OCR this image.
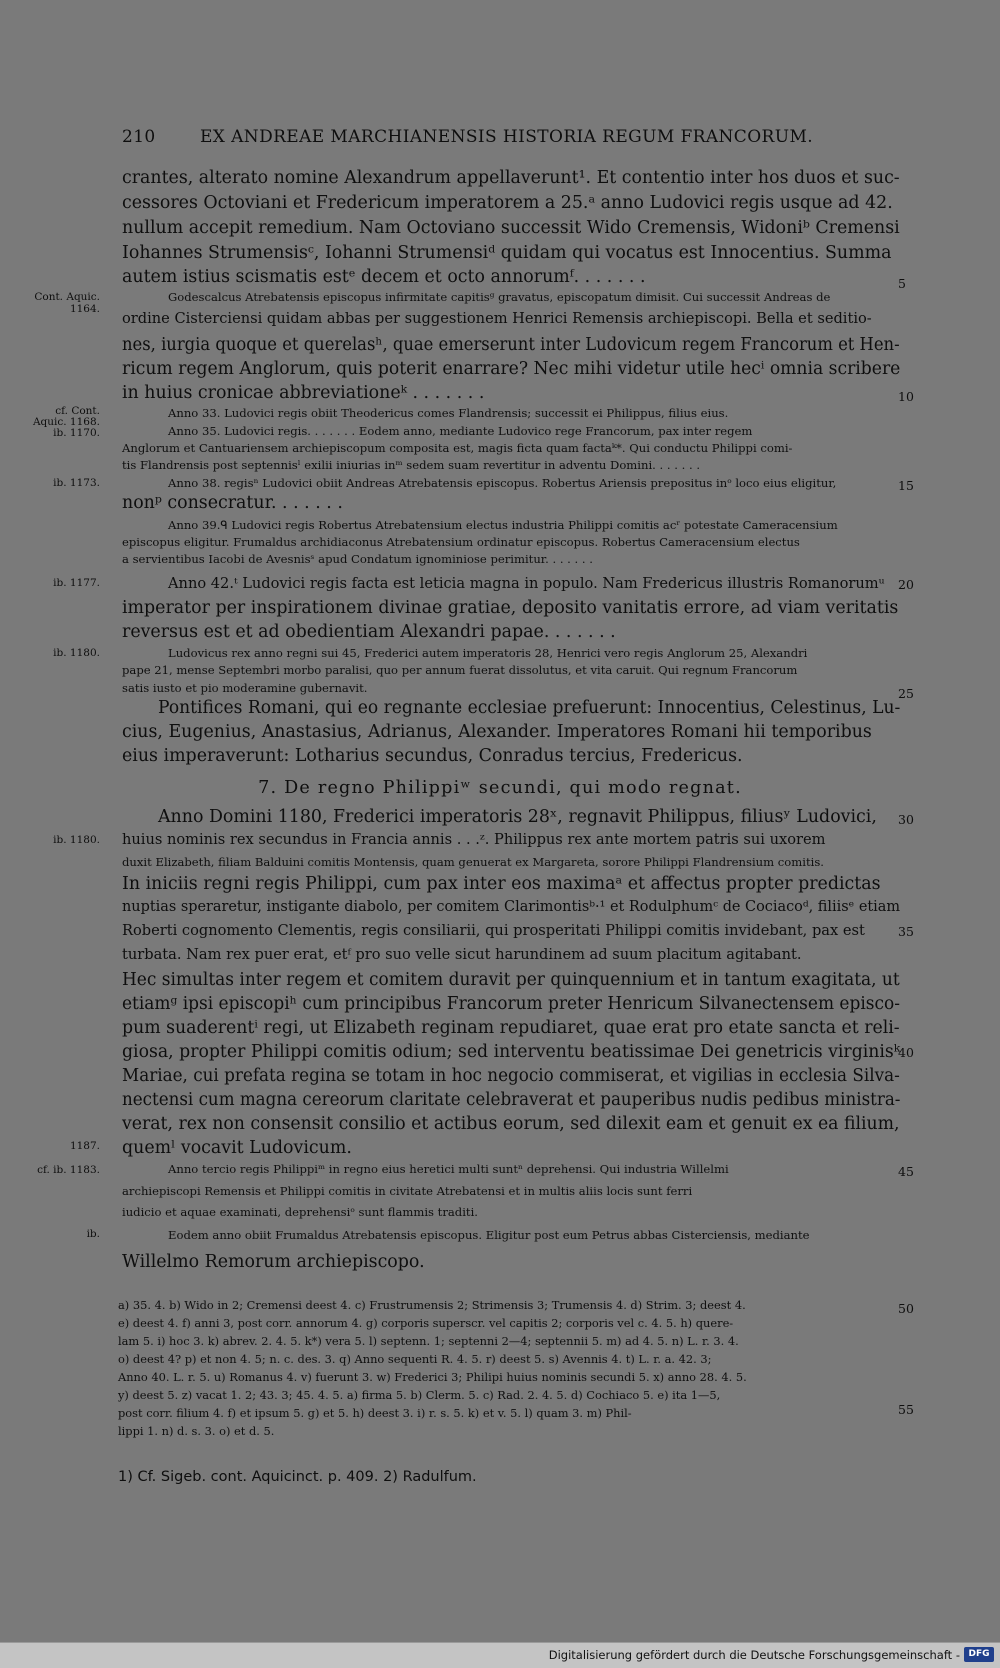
210	EX ANDREAE MARCHIANENSIS HISTORIA REGUM FRANCORUM.
crantes, alterato nomine Alexandrum appellaverunt¹. Et contentio inter hos duos et suc-
cessores Octoviani et Fredericum imperatorem a 25.ᵃ anno Ludovici regis usque ad 42.
nullum accepit remedium. Nam Octoviano successit Wido Cremensis, Widoniᵇ Cremensi
Iohannes Strumensisᶜ, Iohanni Strumensiᵈ quidam qui vocatus est Innocentius. Summa
autem istius scismatis estᵉ decem et octo annorumᶠ. . . . . . .
Godescalcus Atrebatensis episcopus infirmitate capitisᵍ gravatus, episcopatum dimisit. Cui successit Andreas de
ordine Cisterciensi quidam abbas per suggestionem Henrici Remensis archiepiscopi. Bella et seditio-
nes, iurgia quoque et querelasʰ, quae emerserunt inter Ludovicum regem Francorum et Hen-
ricum regem Anglorum, quis poterit enarrare? Nec mihi videtur utile hecⁱ omnia scribere
in huius cronicae abbreviationeᵏ . . . . . . .
Anno 33. Ludovici regis obiit Theodericus comes Flandrensis; successit ei Philippus, filius eius.
Anno 35. Ludovici regis. . . . . . . Eodem anno, mediante Ludovico rege Francorum, pax inter regem
Anglorum et Cantuariensem archiepiscopum composita est, magis ficta quam factaᵏ*. Qui conductu Philippi comi-
tis Flandrensis post septennisˡ exilii iniurias inᵐ sedem suam revertitur in adventu Domini. . . . . . .
Anno 38. regisⁿ Ludovici obiit Andreas Atrebatensis episcopus. Robertus Ariensis prepositus inᵒ loco eius eligitur,
nonᵖ consecratur. . . . . . .
Anno 39.ᑫ Ludovici regis Robertus Atrebatensium electus industria Philippi comitis acʳ potestate Cameracensium
episcopus eligitur. Frumaldus archidiaconus Atrebatensium ordinatur episcopus. Robertus Cameracensium electus
a servientibus Iacobi de Avesnisˢ apud Condatum ignominiose perimitur. . . . . . .
Anno 42.ᵗ Ludovici regis facta est leticia magna in populo. Nam Fredericus illustris Romanorumᵘ
imperator per inspirationem divinae gratiae, deposito vanitatis errore, ad viam veritatis
reversus est et ad obedientiam Alexandri papae. . . . . . .
Ludovicus rex anno regni sui 45, Frederici autem imperatoris 28, Henrici vero regis Anglorum 25, Alexandri
pape 21, mense Septembri morbo paralisi, quo per annum fuerat dissolutus, et vita caruit. Qui regnum Francorum
satis iusto et pio moderamine gubernavit.
Pontifices Romani, qui eo regnante ecclesiae prefuerunt: Innocentius, Celestinus, Lu-
cius, Eugenius, Anastasius, Adrianus, Alexander. Imperatores Romani hii temporibus
eius imperaverunt: Lotharius secundus, Conradus tercius, Fredericus.
7. De regno Philippiʷ secundi, qui modo regnat.
Anno Domini 1180, Frederici imperatoris 28ˣ, regnavit Philippus, filiusʸ Ludovici,
huius nominis rex secundus in Francia annis . . .ᶻ. Philippus rex ante mortem patris sui uxorem
duxit Elizabeth, filiam Balduini comitis Montensis, quam genuerat ex Margareta, sorore Philippi Flandrensium comitis.
In iniciis regni regis Philippi, cum pax inter eos maximaᵃ et affectus propter predictas
nuptias speraretur, instigante diabolo, per comitem Clarimontisᵇ·¹ et Rodulphumᶜ de Cociacoᵈ, filiisᵉ etiam
Roberti cognomento Clementis, regis consiliarii, qui prosperitati Philippi comitis invidebant, pax est
turbata. Nam rex puer erat, etᶠ pro suo velle sicut harundinem ad suum placitum agitabant.
Hec simultas inter regem et comitem duravit per quinquennium et in tantum exagitata, ut
etiamᵍ ipsi episcopiʰ cum principibus Francorum preter Henricum Silvanectensem episco-
pum suaderentⁱ regi, ut Elizabeth reginam repudiaret, quae erat pro etate sancta et reli-
giosa, propter Philippi comitis odium; sed interventu beatissimae Dei genetricis virginisᵏ
Mariae, cui prefata regina se totam in hoc negocio commiserat, et vigilias in ecclesia Silva-
nectensi cum magna cereorum claritate celebraverat et pauperibus nudis pedibus ministra-
verat, rex non consensit consilio et actibus eorum, sed dilexit eam et genuit ex ea filium,
quemˡ vocavit Ludovicum.
Anno tercio regis Philippiᵐ in regno eius heretici multi suntⁿ deprehensi. Qui industria Willelmi
archiepiscopi Remensis et Philippi comitis in civitate Atrebatensi et in multis aliis locis sunt ferri
iudicio et aquae examinati, deprehensiᵒ sunt flammis traditi.
Eodem anno obiit Frumaldus Atrebatensis episcopus. Eligitur post eum Petrus abbas Cisterciensis, mediante
Willelmo Remorum archiepiscopo.
Cont. Aquic.
1164.
cf. Cont.
Aquic. 1168.
ib. 1170.
ib. 1173.
ib. 1177.
ib. 1180.
ib. 1180.
1187.
cf. ib. 1183.
ib.
5
10
15
20
25
30
35
40
45
50
55
a) 35. 4. b) Wido in 2; Cremensi deest 4. c) Frustrumensis 2; Strimensis 3; Trumensis 4. d) Strim. 3; deest 4.
e) deest 4. f) anni 3, post corr. annorum 4. g) corporis superscr. vel capitis 2; corporis vel c. 4. 5. h) quere-
lam 5. i) hoc 3. k) abrev. 2. 4. 5. k*) vera 5. l) septenn. 1; septenni 2—4; septennii 5. m) ad 4. 5. n) L. r. 3. 4.
o) deest 4? p) et non 4. 5; n. c. des. 3. q) Anno sequenti R. 4. 5. r) deest 5. s) Avennis 4. t) L. r. a. 42. 3;
Anno 40. L. r. 5. u) Romanus 4. v) fuerunt 3. w) Frederici 3; Philipi huius nominis secundi 5. x) anno 28. 4. 5.
y) deest 5. z) vacat 1. 2; 43. 3; 45. 4. 5. a) firma 5. b) Clerm. 5. c) Rad. 2. 4. 5. d) Cochiaco 5. e) ita 1—5,
post corr. filium 4. f) et ipsum 5. g) et 5. h) deest 3. i) r. s. 5. k) et v. 5. l) quam 3. m) Phil-
lippi 1. n) d. s. 3. o) et d. 5.
1) Cf. Sigeb. cont. Aquicinct. p. 409. 2) Radulfum.
Digitalisierung gefördert durch die Deutsche Forschungsgemeinschaft - DFG
